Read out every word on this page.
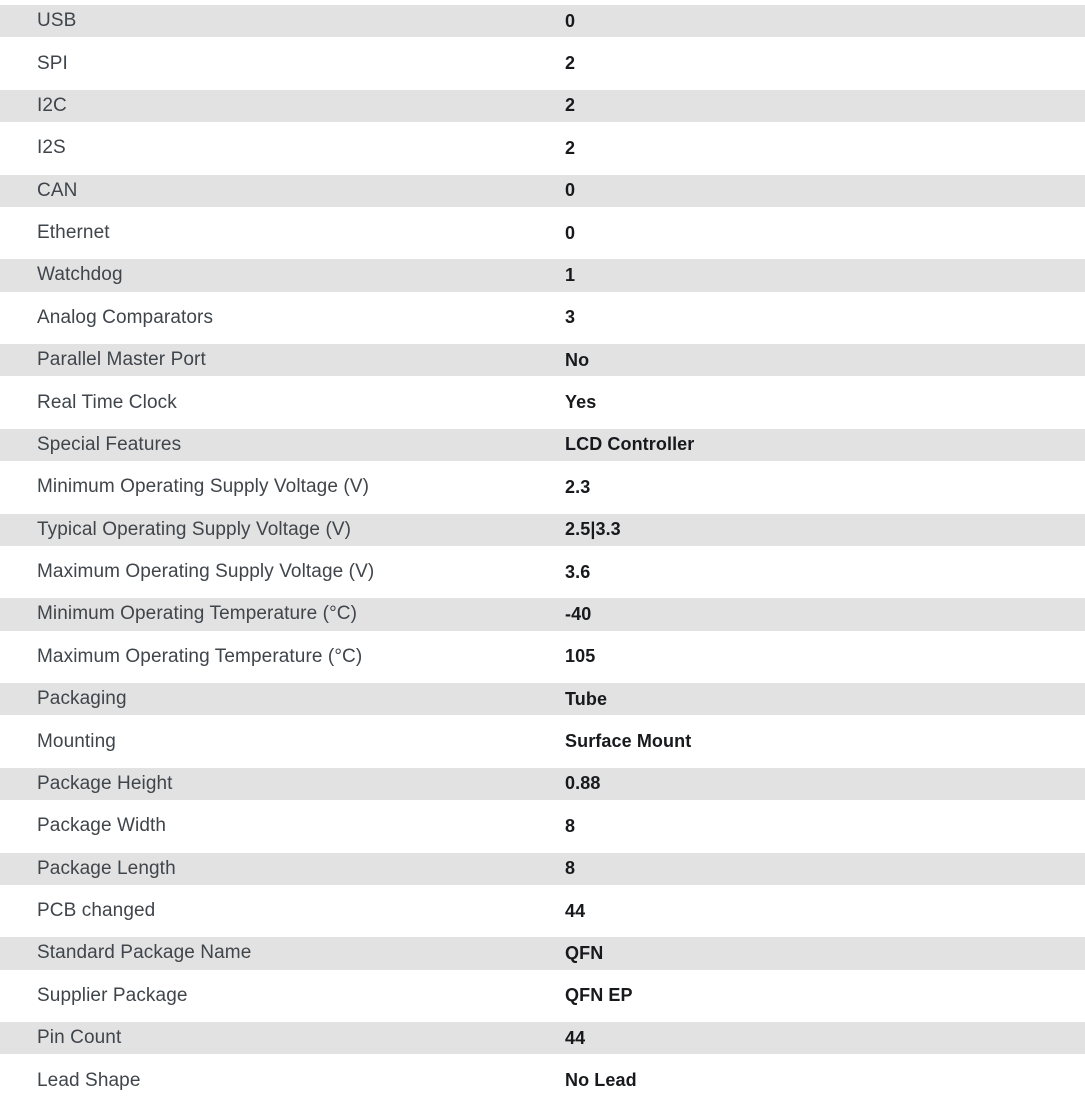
USB	0
SPI	2
I2C	2
I2S	2
CAN	0
Ethernet	0
Watchdog	1
Analog Comparators	3
Parallel Master Port	No
Real Time Clock	Yes
Special Features	LCD Controller
Minimum Operating Supply Voltage (V)	2.3
Typical Operating Supply Voltage (V)	2.5|3.3
Maximum Operating Supply Voltage (V)	3.6
Minimum Operating Temperature (°C)	-40
Maximum Operating Temperature (°C)	105
Packaging	Tube
Mounting	Surface Mount
Package Height	0.88
Package Width	8
Package Length	8
PCB changed	44
Standard Package Name	QFN
Supplier Package	QFN EP
Pin Count	44
Lead Shape	No Lead
